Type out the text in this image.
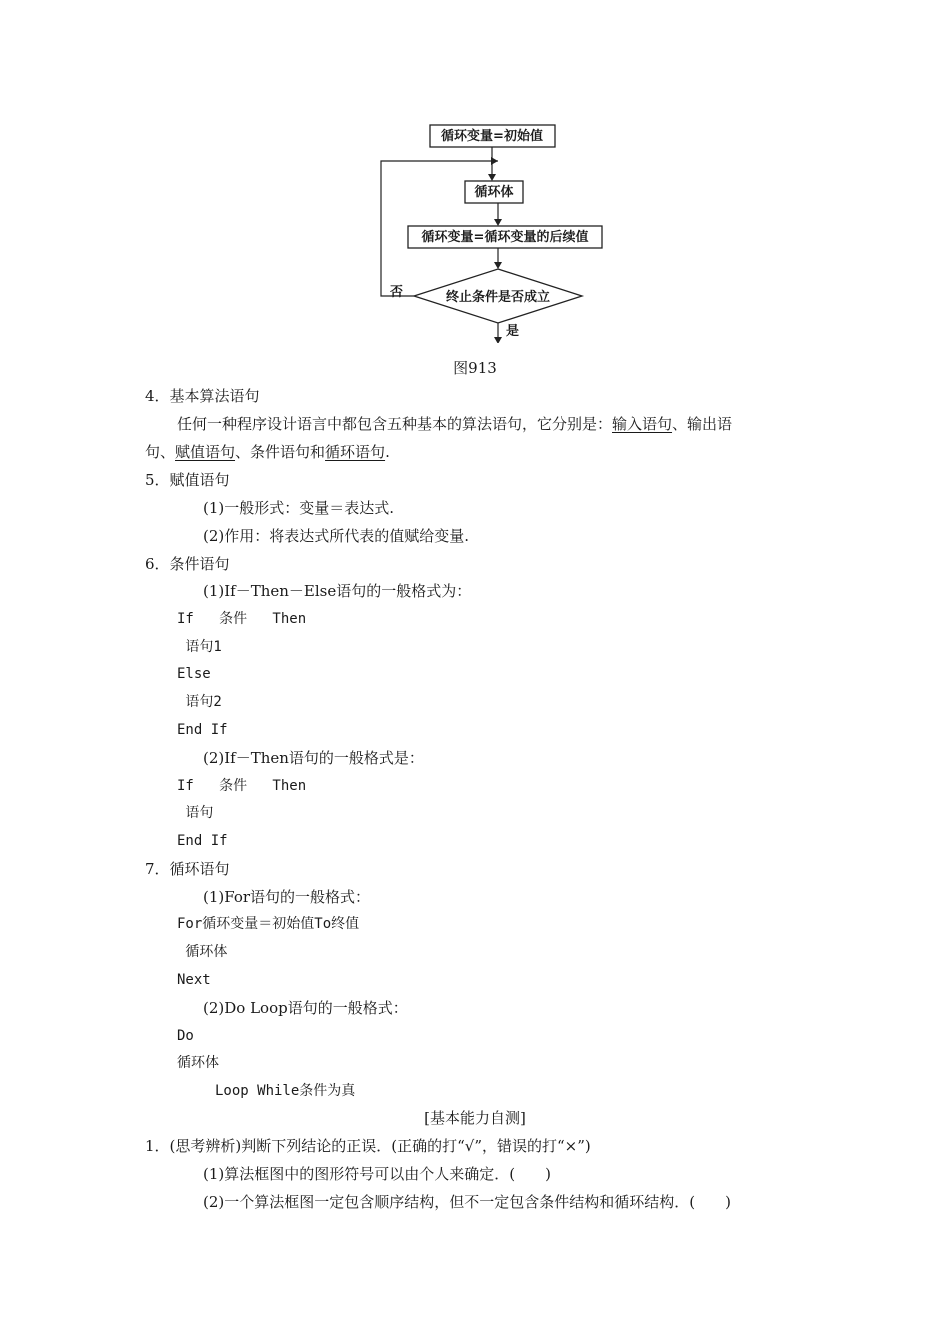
循环变量=初始值
循环体
循环变量=循环变量的后续值
终止条件是否成立
是
否
图913
4．基本算法语句
任何一种程序设计语言中都包含五种基本的算法语句，它分别是：输入语句、输出语
句、赋值语句、条件语句和循环语句.
5．赋值语句
(1)一般形式：变量＝表达式.
(2)作用：将表达式所代表的值赋给变量.
6．条件语句
(1)If－Then－Else语句的一般格式为：
If   条件   Then
语句1
Else
语句2
End If
(2)If－Then语句的一般格式是：
If   条件   Then
语句
End If
7．循环语句
(1)For语句的一般格式：
For循环变量＝初始值To终值
循环体
Next
(2)Do Loop语句的一般格式：
Do
循环体
Loop While条件为真
[基本能力自测]
1．(思考辨析)判断下列结论的正误．(正确的打“√”，错误的打“×”)
(1)算法框图中的图形符号可以由个人来确定．(　　)
(2)一个算法框图一定包含顺序结构，但不一定包含条件结构和循环结构．(　　)
